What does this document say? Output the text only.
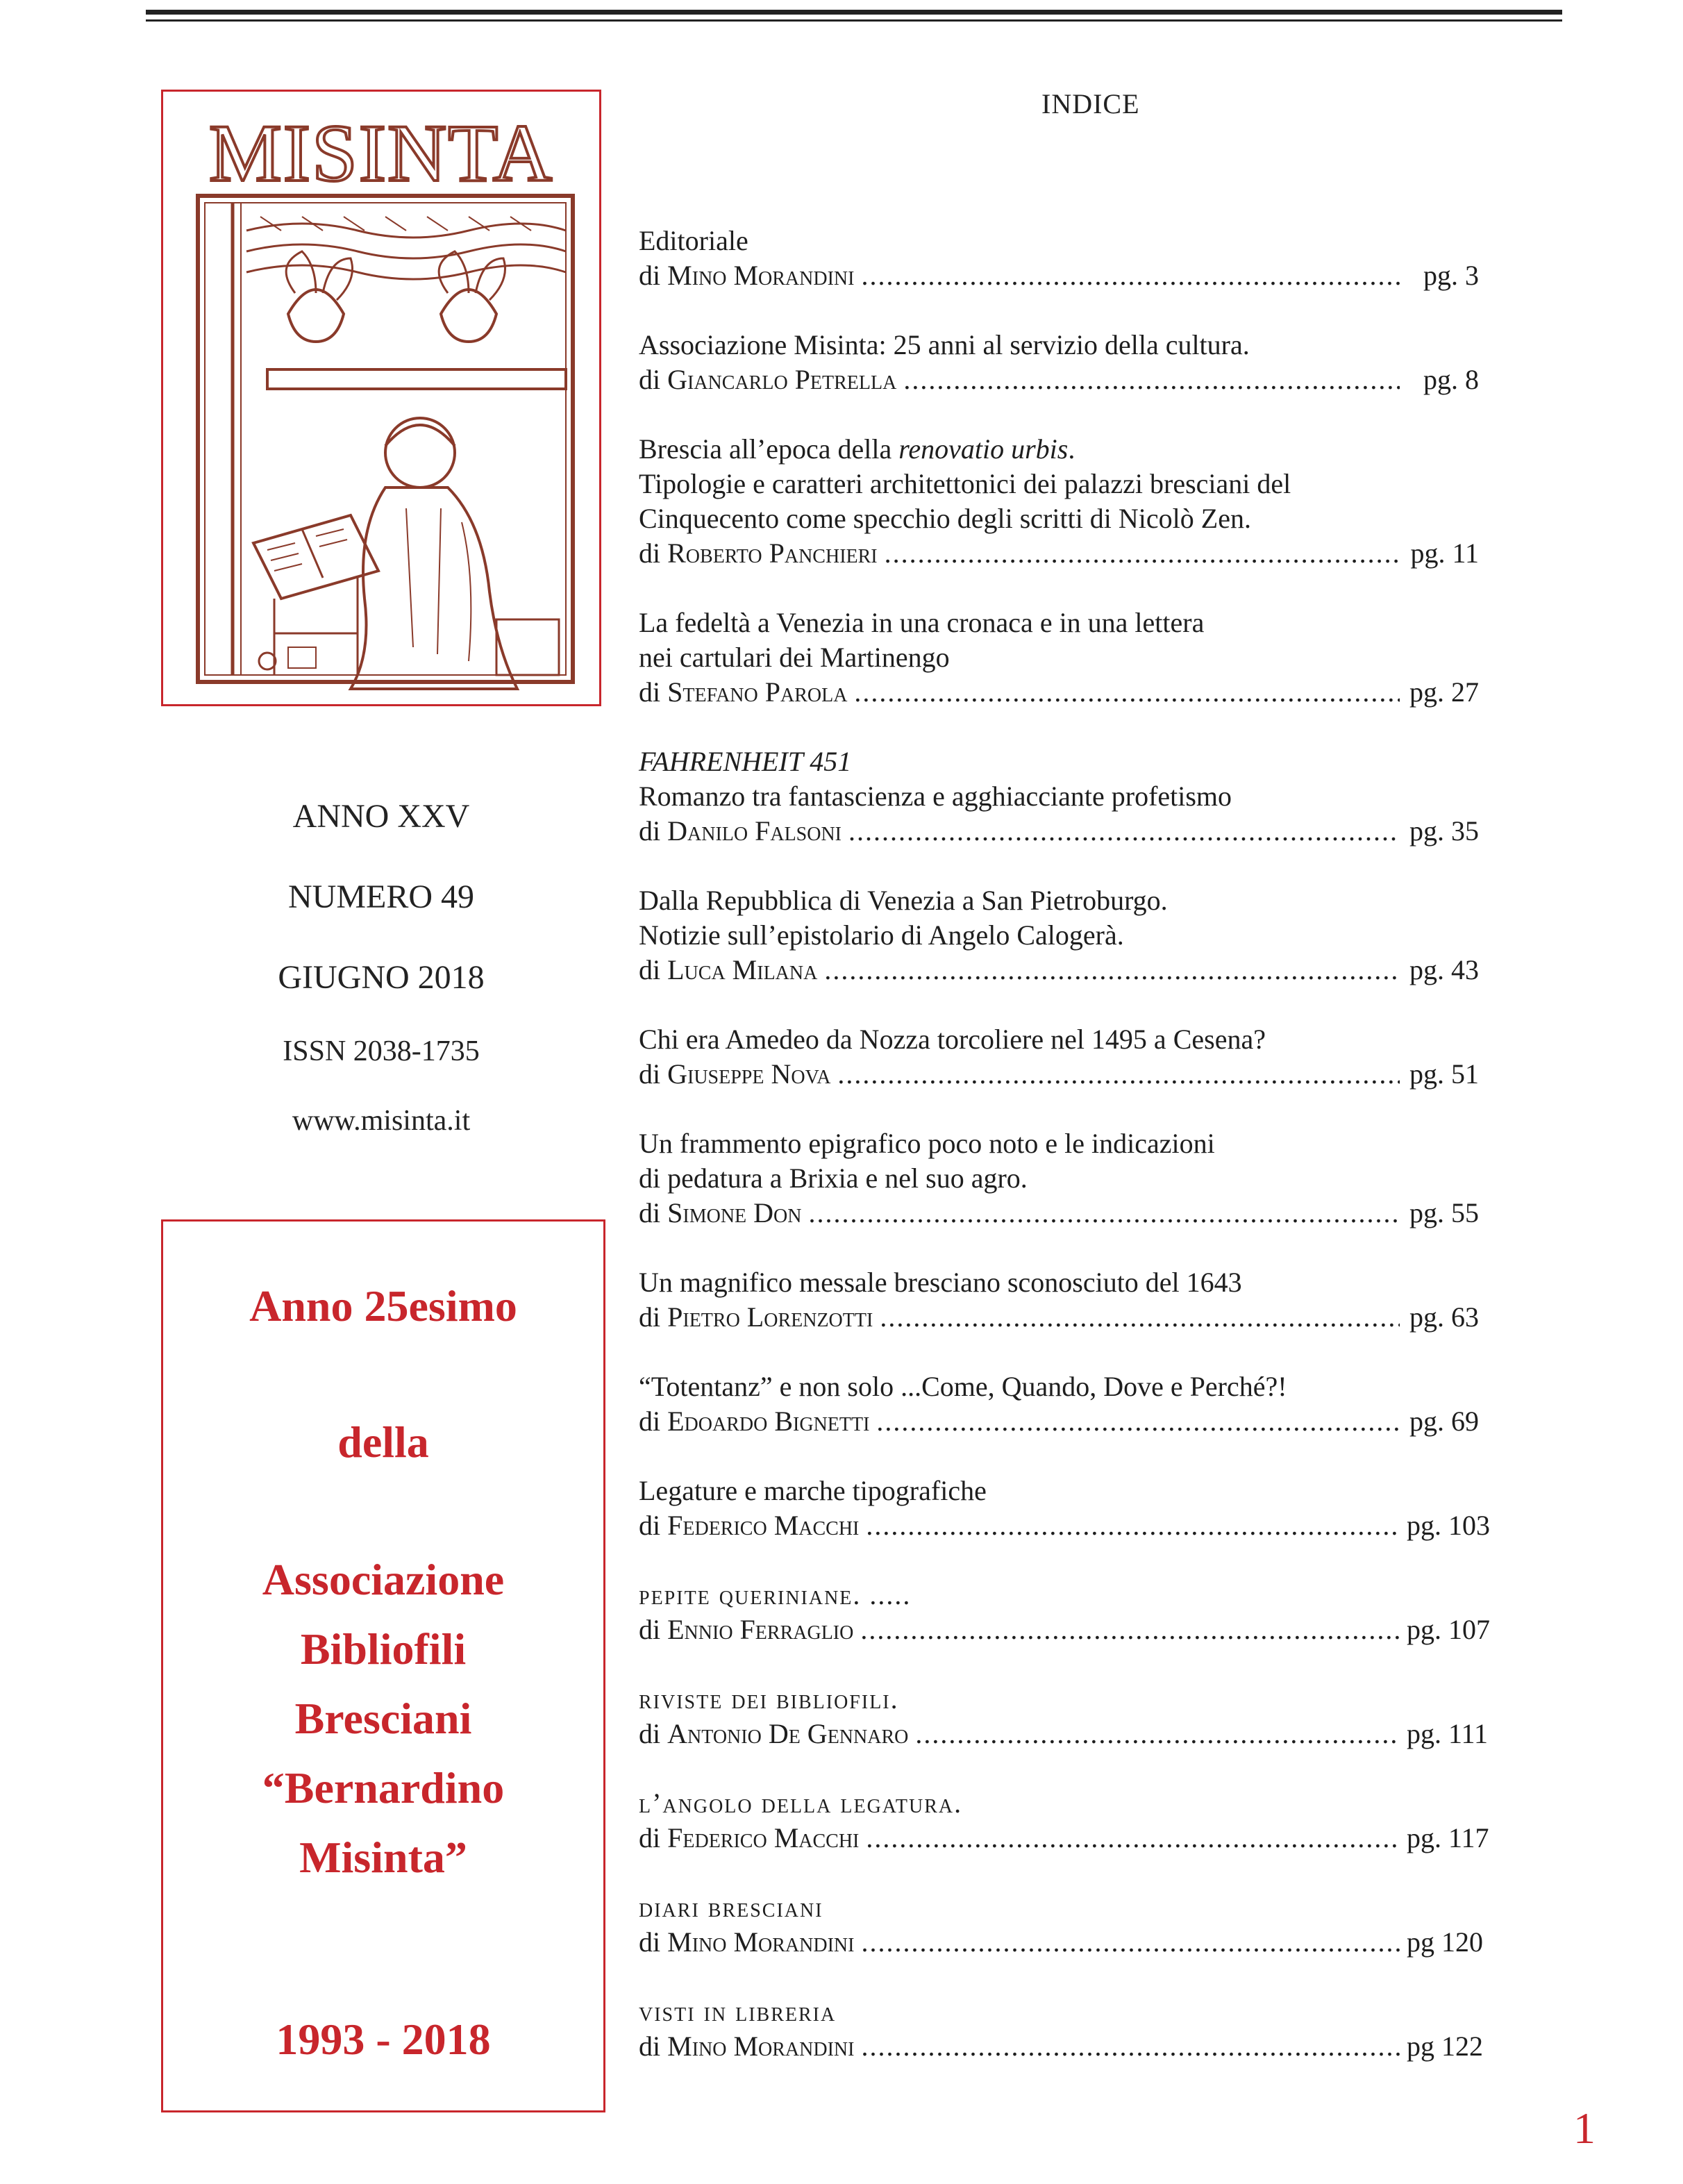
MISINTA
ANNO XXV
NUMERO 49
GIUGNO 2018
ISSN 2038-1735
www.misinta.it
Anno 25esimo
della
Associazione
Bibliofili
Bresciani
“Bernardino
Misinta”
1993 - 2018
INDICE
Editoriale
di
Mino Morandini .....	pg. 3
Associazione Misinta: 25 anni al servizio della cultura.
di
Giancarlo Petrella .....	pg. 8
Brescia all’epoca della renovatio urbis.
Tipologie e caratteri architettonici dei palazzi bresciani del
Cinquecento come specchio degli scritti di Nicolò Zen.
di
Roberto Panchieri .....	pg. 11
La fedeltà a Venezia in una cronaca e in una lettera
nei cartulari dei Martinengo
di
Stefano Parola .....	pg. 27
FAHRENHEIT 451
Romanzo tra fantascienza e agghiacciante profetismo
di
Danilo Falsoni .....	pg. 35
Dalla Repubblica di Venezia a San Pietroburgo.
Notizie sull’epistolario di Angelo Calogerà.
di
Luca Milana .....	pg. 43
Chi era Amedeo da Nozza torcoliere nel 1495 a Cesena?
di
Giuseppe Nova .....	pg. 51
Un frammento epigrafico poco noto e le indicazioni
di pedatura a Brixia e nel suo agro.
di
Simone Don .....	pg. 55
Un magnifico messale bresciano sconosciuto del 1643
di
Pietro Lorenzotti .....	pg. 63
“Totentanz” e non solo ...Come, Quando, Dove e Perché?!
di
Edoardo Bignetti .....	pg. 69
Legature e marche tipografiche
di
Federico Macchi .....	pg. 103
pepite queriniane. .....
di
Ennio Ferraglio .....	pg. 107
riviste dei bibliofili.
di
Antonio De Gennaro .....	pg. 111
l’angolo della legatura.
di
Federico Macchi .....	pg. 117
diari bresciani
di
Mino Morandini .....	pg 120
visti in libreria
di
Mino Morandini .....	pg 122
1
